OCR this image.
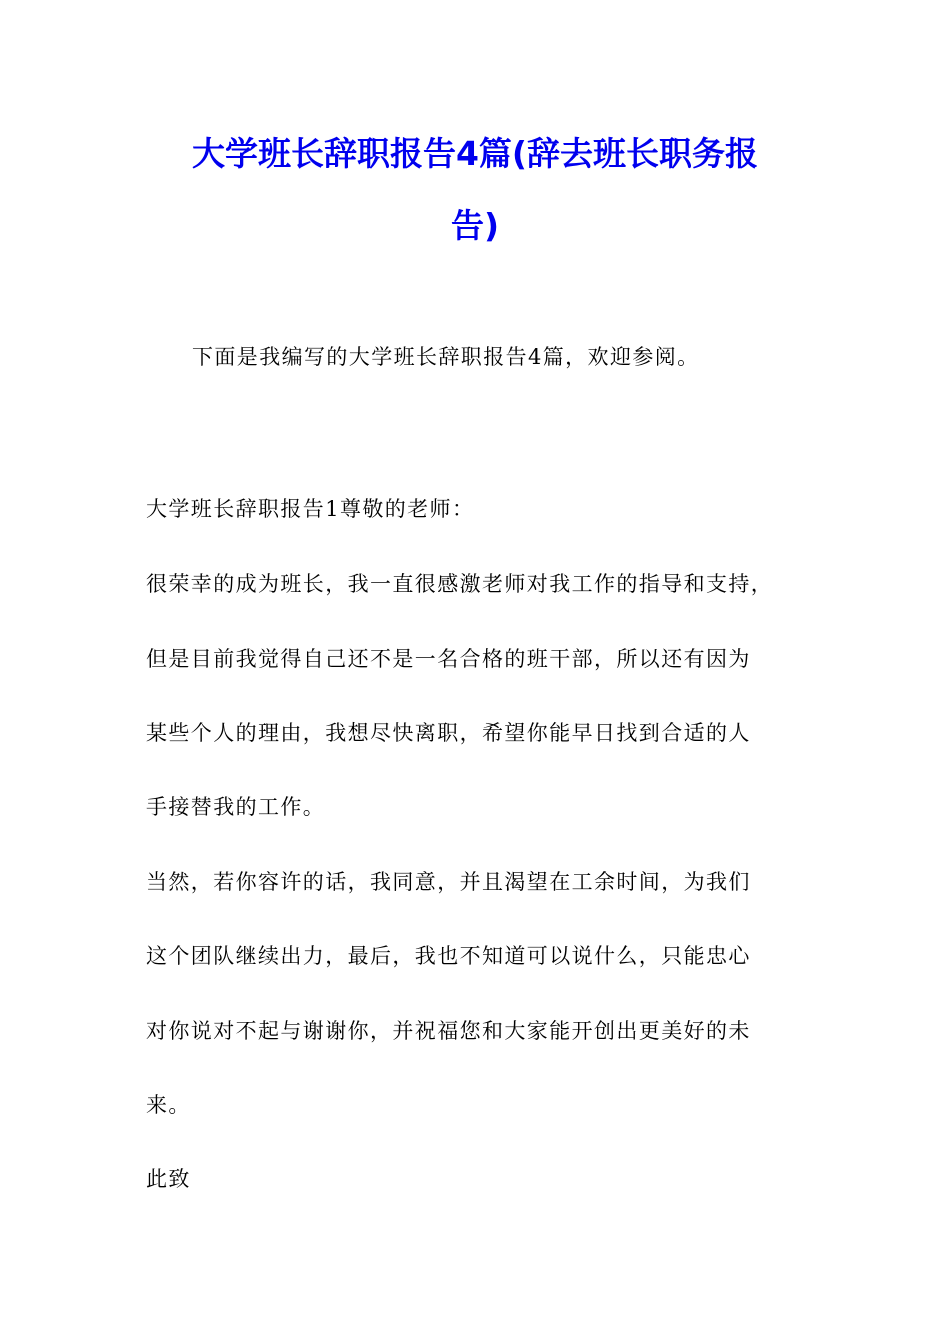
大学班长辞职报告4篇(辞去班长职务报
告)
下面是我编写的大学班长辞职报告4篇，欢迎参阅。
大学班长辞职报告1尊敬的老师：
很荣幸的成为班长，我一直很感激老师对我工作的指导和支持，
但是目前我觉得自己还不是一名合格的班干部，所以还有因为
某些个人的理由，我想尽快离职，希望你能早日找到合适的人
手接替我的工作。
当然，若你容许的话，我同意，并且渴望在工余时间，为我们
这个团队继续出力，最后，我也不知道可以说什么，只能忠心
对你说对不起与谢谢你，并祝福您和大家能开创出更美好的未
来。
此致
